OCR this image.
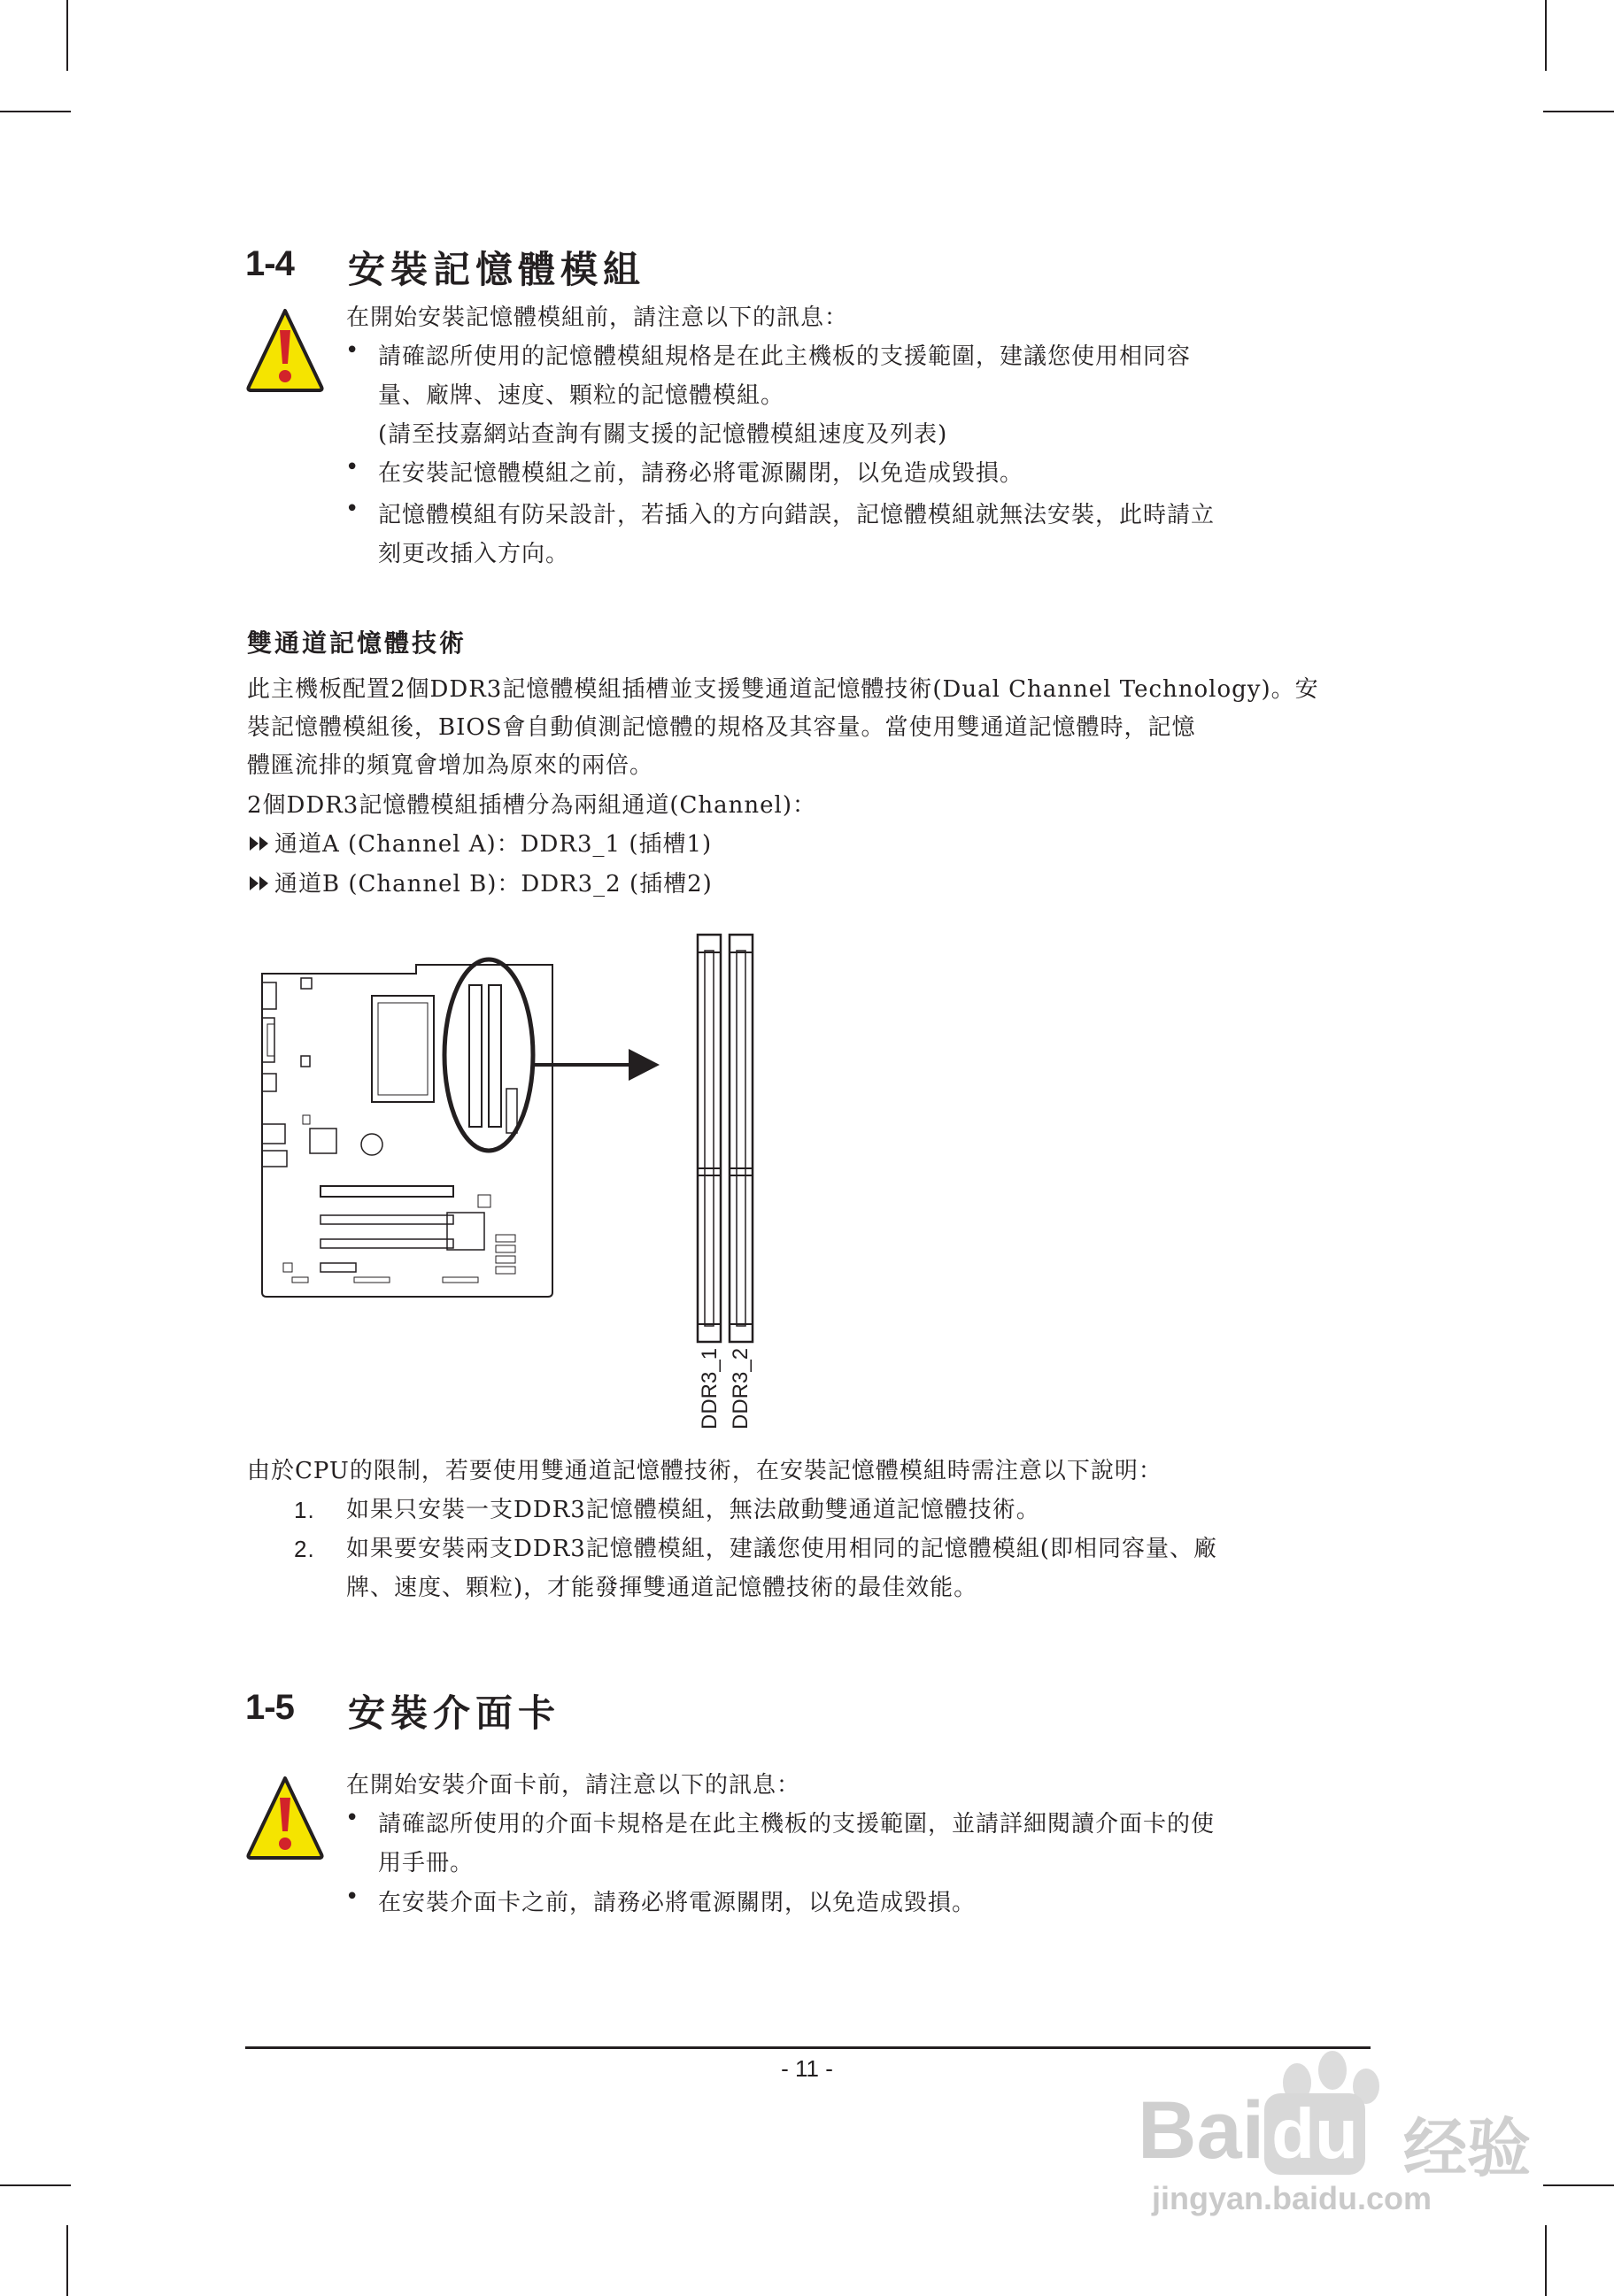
1-4 安裝記憶體模組
在開始安裝記憶體模組前，請注意以下的訊息：
• 請確認所使用的記憶體模組規格是在此主機板的支援範圍，建議您使用相同容
量、廠牌、速度、顆粒的記憶體模組。
(請至技嘉網站查詢有關支援的記憶體模組速度及列表)
• 在安裝記憶體模組之前，請務必將電源關閉，以免造成毀損。
• 記憶體模組有防呆設計，若插入的方向錯誤，記憶體模組就無法安裝，此時請立
刻更改插入方向。
雙通道記憶體技術
此主機板配置2個DDR3記憶體模組插槽並支援雙通道記憶體技術(Dual Channel Technology)。安
裝記憶體模組後，BIOS會自動偵測記憶體的規格及其容量。當使用雙通道記憶體時，記憶
體匯流排的頻寬會增加為原來的兩倍。
2個DDR3記憶體模組插槽分為兩組通道(Channel)：
通道A (Channel A)：DDR3_1 (插槽1)
通道B (Channel B)：DDR3_2 (插槽2)
DDR3_1 DDR3_2
由於CPU的限制，若要使用雙通道記憶體技術，在安裝記憶體模組時需注意以下說明：
1. 如果只安裝一支DDR3記憶體模組，無法啟動雙通道記憶體技術。
2. 如果要安裝兩支DDR3記憶體模組，建議您使用相同的記憶體模組(即相同容量、廠
牌、速度、顆粒)，才能發揮雙通道記憶體技術的最佳效能。
1-5 安裝介面卡
在開始安裝介面卡前，請注意以下的訊息：
• 請確認所使用的介面卡規格是在此主機板的支援範圍，並請詳細閱讀介面卡的使
用手冊。
• 在安裝介面卡之前，請務必將電源關閉，以免造成毀損。
- 11 -
Bai du 经验
jingyan.baidu.com
